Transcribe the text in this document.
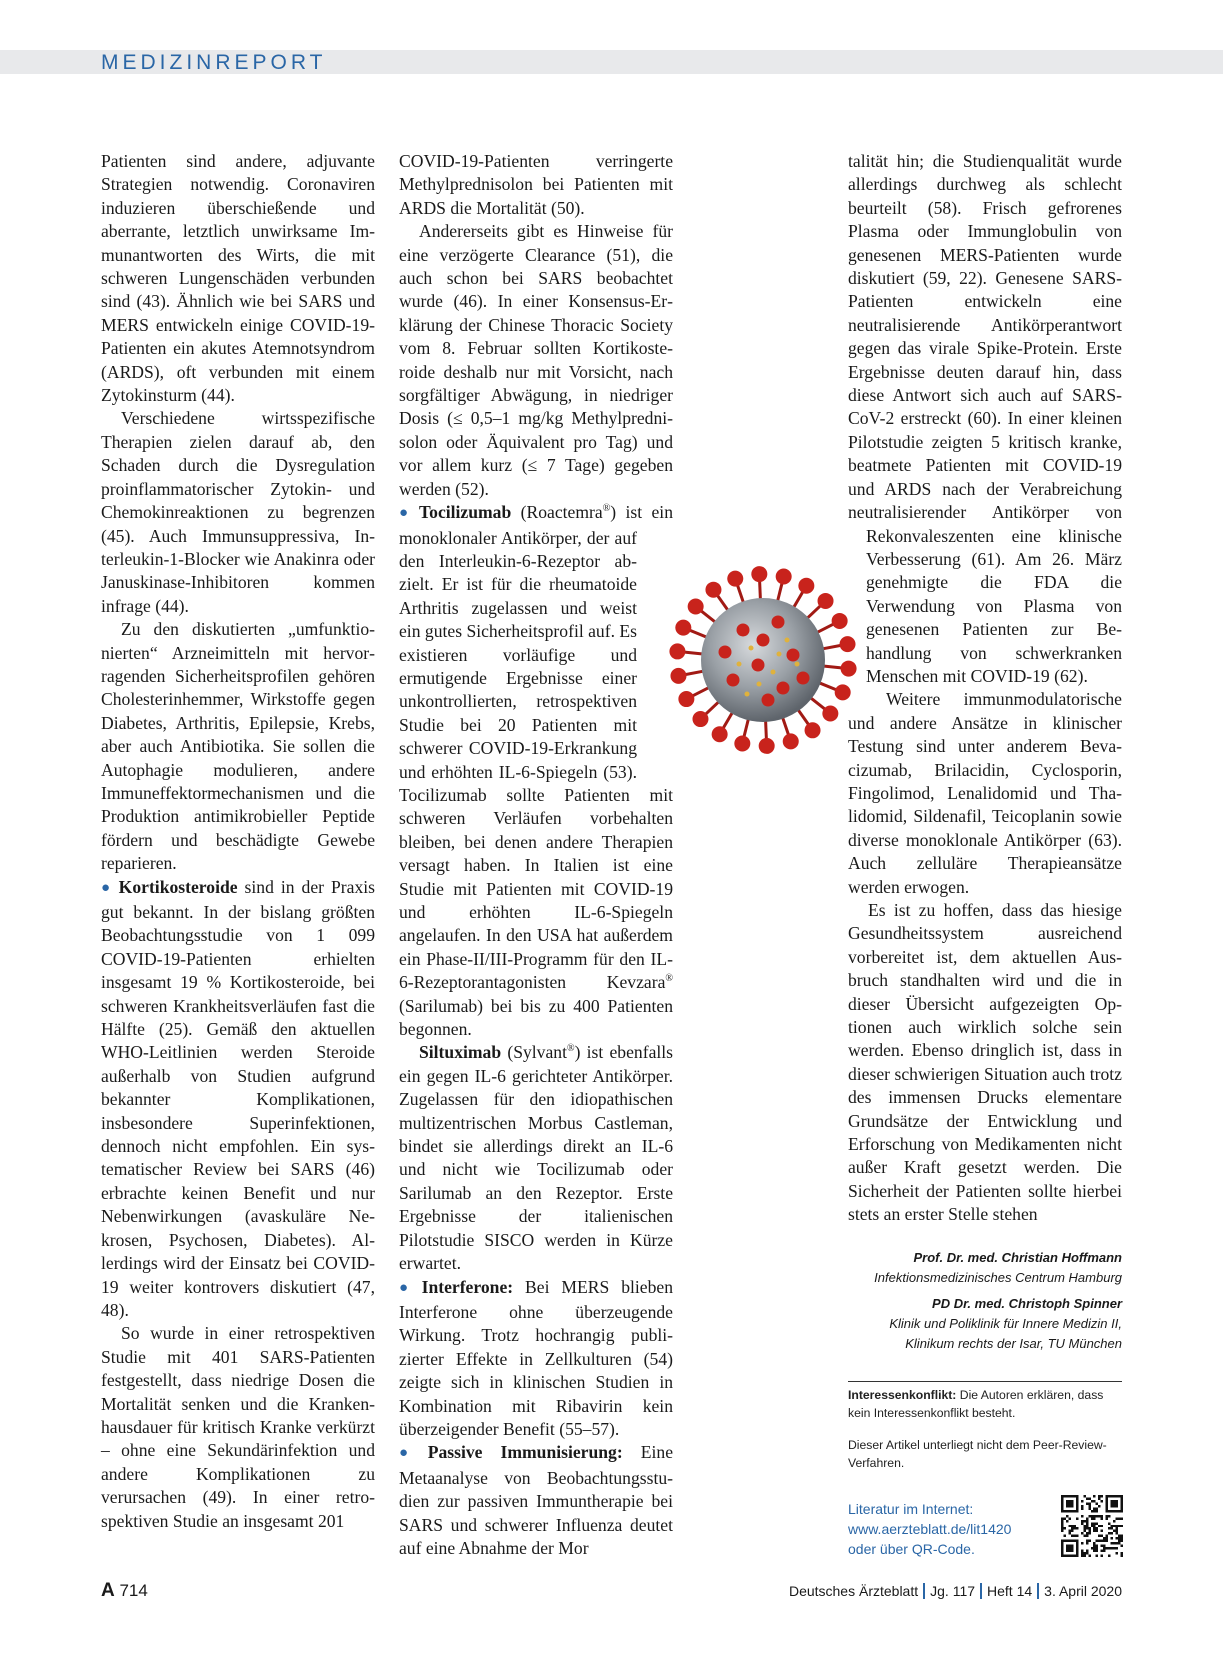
MEDIZINREPORT

Patienten sind andere, adjuvante Strategien notwendig. Coronaviren induzieren überschießende und aberrante, letztlich unwirksame Immunantworten des Wirts, die mit schweren Lungenschäden verbunden sind (43). Ähnlich wie bei SARS und MERS entwickeln einige COVID-19-Patienten ein akutes Atemnotsyndrom (ARDS), oft verbunden mit einem Zytokinsturm (44).

Verschiedene wirtsspezifische Therapien zielen darauf ab, den Schaden durch die Dysregulation proinflammatorischer Zytokin- und Chemokinreaktionen zu begrenzen (45). Auch Immunsuppressiva, Interleukin-1-Blocker wie Anakinra oder Januskinase-Inhibitoren kommen infrage (44).

Zu den diskutierten „umfunktionierten“ Arzneimitteln mit hervorragenden Sicherheitsprofilen gehören Cholesterinhemmer, Wirkstoffe gegen Diabetes, Arthritis, Epilepsie, Krebs, aber auch Antibiotika. Sie sollen die Autophagie modulieren, andere Immuneffektormechanismen und die Produktion antimikrobieller Peptide fördern und beschädigte Gewebe reparieren.

● Kortikosteroide sind in der Praxis gut bekannt. In der bislang größten Beobachtungsstudie von 1 099 COVID-19-Patienten erhielten insgesamt 19 % Kortikosteroide, bei schweren Krankheitsverläufen fast die Hälfte (25). Gemäß den aktuellen WHO-Leitlinien werden Steroide außerhalb von Studien aufgrund bekannter Komplikationen, insbesondere Superinfektionen, dennoch nicht empfohlen. Ein systematischer Review bei SARS (46) erbrachte keinen Benefit und nur Nebenwirkungen (avaskuläre Nekrosen, Psychosen, Diabetes). Allerdings wird der Einsatz bei COVID-19 weiter kontrovers diskutiert (47, 48).

So wurde in einer retrospektiven Studie mit 401 SARS-Patienten festgestellt, dass niedrige Dosen die Mortalität senken und die Krankenhausdauer für kritisch Kranke verkürzt – ohne eine Sekundärinfektion und andere Komplikationen zu verursachen (49). In einer retrospektiven Studie an insgesamt 201

COVID-19-Patienten verringerte Methylprednisolon bei Patienten mit ARDS die Mortalität (50).

Andererseits gibt es Hinweise für eine verzögerte Clearance (51), die auch schon bei SARS beobachtet wurde (46). In einer Konsensus-Erklärung der Chinese Thoracic Society vom 8. Februar sollten Kortikosteroide deshalb nur mit Vorsicht, nach sorgfältiger Abwägung, in niedriger Dosis (≤ 0,5–1 mg/kg Methylprednisolon oder Äquivalent pro Tag) und vor allem kurz (≤ 7 Tage) gegeben werden (52).

● Tocilizumab (Roactemra®) ist ein monoklonaler Antikörper, der auf den Interleukin-6-Rezeptor abzielt. Er ist für die rheumatoide Arthritis zugelassen und weist ein gutes Sicherheitsprofil auf. Es existieren vorläufige und ermutigende Ergebnisse einer unkontrollierten, retrospektiven Studie bei 20 Patienten mit schwerer COVID-19-Erkrankung und erhöhten IL-6-Spiegeln (53). Tocilizumab sollte Patienten mit schweren Verläufen vorbehalten bleiben, bei denen andere Therapien versagt haben. In Italien ist eine Studie mit Patienten mit COVID-19 und erhöhten IL-6-Spiegeln angelaufen. In den USA hat außerdem ein Phase-II/III-Programm für den IL-6-Rezeptorantagonisten Kevzara® (Sarilumab) bei bis zu 400 Patienten begonnen.

Siltuximab (Sylvant®) ist ebenfalls ein gegen IL-6 gerichteter Antikörper. Zugelassen für den idiopathischen multizentrischen Morbus Castleman, bindet sie allerdings direkt an IL-6 und nicht wie Tocilizumab oder Sarilumab an den Rezeptor. Erste Ergebnisse der italienischen Pilotstudie SISCO werden in Kürze erwartet.

● Interferone: Bei MERS blieben Interferone ohne überzeugende Wirkung. Trotz hochrangig publizierter Effekte in Zellkulturen (54) zeigte sich in klinischen Studien in Kombination mit Ribavirin kein überzeigender Benefit (55–57).

● Passive Immunisierung: Eine Metaanalyse von Beobachtungsstudien zur passiven Immuntherapie bei SARS und schwerer Influenza deutet auf eine Abnahme der Mor

talität hin; die Studienqualität wurde allerdings durchweg als schlecht beurteilt (58). Frisch gefrorenes Plasma oder Immunglobulin von genesenen MERS-Patienten wurde diskutiert (59, 22). Genesene SARS-Patienten entwickeln eine neutralisierende Antikörperantwort gegen das virale Spike-Protein. Erste Ergebnisse deuten darauf hin, dass diese Antwort sich auch auf SARS-CoV-2 erstreckt (60). In einer kleinen Pilotstudie zeigten 5 kritisch kranke, beatmete Patienten mit COVID-19 und ARDS nach der Verabreichung neutralisierender Antikörper von Rekonvaleszenten eine klinische Verbesserung (61). Am 26. März genehmigte die FDA die Verwendung von Plasma von genesenen Patienten zur Behandlung von schwerkranken Menschen mit COVID-19 (62).

Weitere immunmodulatorische und andere Ansätze in klinischer Testung sind unter anderem Bevacizumab, Brilacidin, Cyclosporin, Fingolimod, Lenalidomid und Thalidomid, Sildenafil, Teicoplanin sowie diverse monoklonale Antikörper (63). Auch zelluläre Therapieansätze werden erwogen.

Es ist zu hoffen, dass das hiesige Gesundheitssystem ausreichend vorbereitet ist, dem aktuellen Ausbruch standhalten wird und die in dieser Übersicht aufgezeigten Optionen auch wirklich solche sein werden. Ebenso dringlich ist, dass in dieser schwierigen Situation auch trotz des immensen Drucks elementare Grundsätze der Entwicklung und Erforschung von Medikamenten nicht außer Kraft gesetzt werden. Die Sicherheit der Patienten sollte hierbei stets an erster Stelle stehen

Prof. Dr. med. Christian Hoffmann
Infektionsmedizinisches Centrum Hamburg
PD Dr. med. Christoph Spinner
Klinik und Poliklinik für Innere Medizin II,
Klinikum rechts der Isar, TU München
Interessenkonflikt: Die Autoren erklären, dass kein Interessenkonflikt besteht.
Dieser Artikel unterliegt nicht dem Peer-Review-Verfahren.
Literatur im Internet:
www.aerzteblatt.de/lit1420
oder über QR-Code.
A 714	Deutsches Ärzteblatt Jg. 117 Heft 14 3. April 2020
